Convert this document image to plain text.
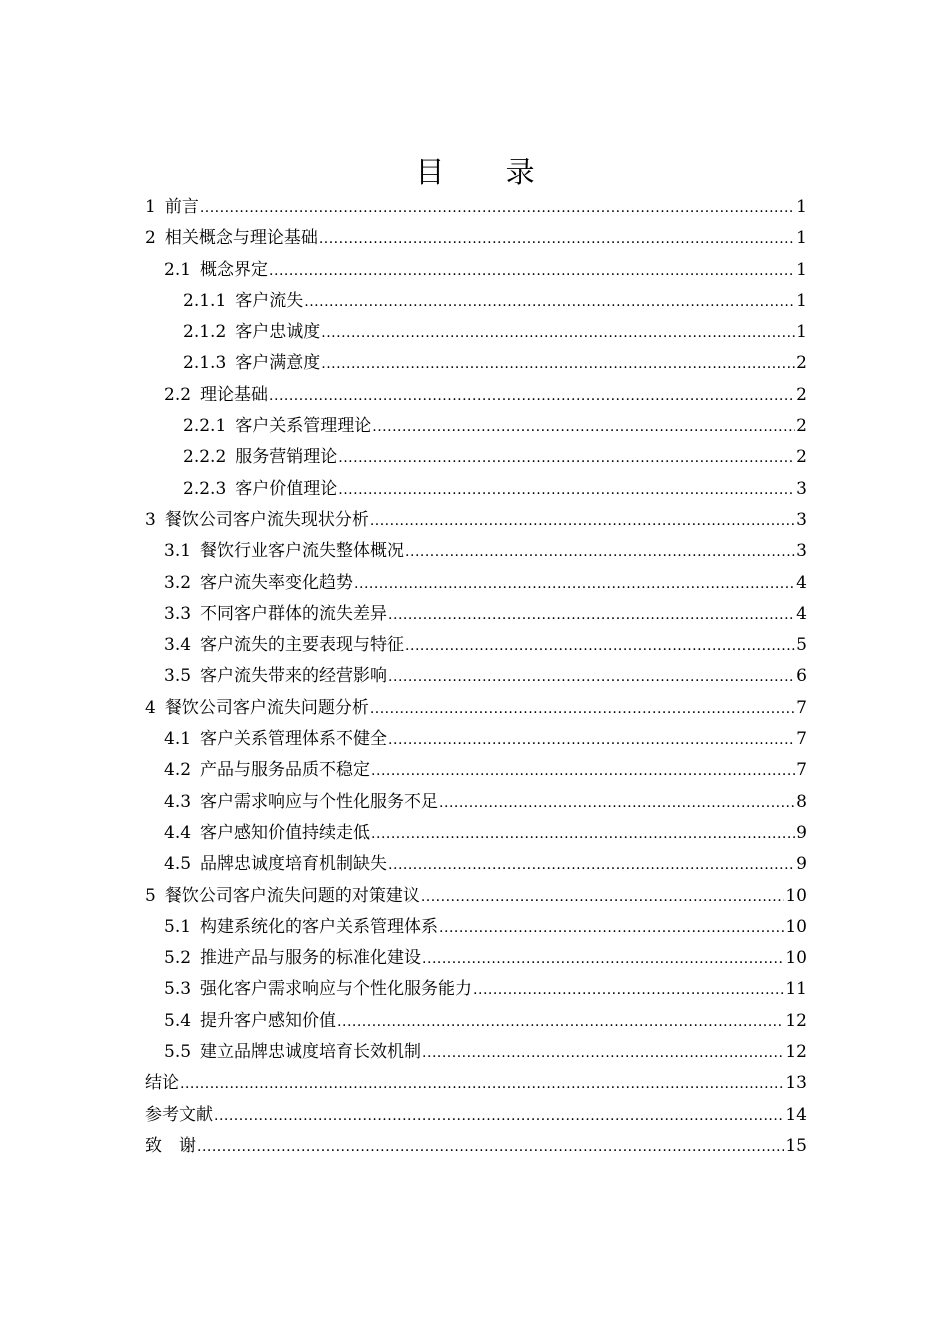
目 录
1 前言 .....	1
2 相关概念与理论基础 .....	1
2.1 概念界定 .....	1
2.1.1 客户流失 .....	1
2.1.2 客户忠诚度 .....	1
2.1.3 客户满意度 .....	2
2.2 理论基础 .....	2
2.2.1 客户关系管理理论 .....	2
2.2.2 服务营销理论 .....	2
2.2.3 客户价值理论 .....	3
3 餐饮公司客户流失现状分析 .....	3
3.1 餐饮行业客户流失整体概况 .....	3
3.2 客户流失率变化趋势 .....	4
3.3 不同客户群体的流失差异 .....	4
3.4 客户流失的主要表现与特征 .....	5
3.5 客户流失带来的经营影响 .....	6
4 餐饮公司客户流失问题分析 .....	7
4.1 客户关系管理体系不健全 .....	7
4.2 产品与服务品质不稳定 .....	7
4.3 客户需求响应与个性化服务不足 .....	8
4.4 客户感知价值持续走低 .....	9
4.5 品牌忠诚度培育机制缺失 .....	9
5 餐饮公司客户流失问题的对策建议 .....	10
5.1 构建系统化的客户关系管理体系 .....	10
5.2 推进产品与服务的标准化建设 .....	10
5.3 强化客户需求响应与个性化服务能力 .....	11
5.4 提升客户感知价值 .....	12
5.5 建立品牌忠诚度培育长效机制 .....	12
结论 .....	13
参考文献 .....	14
致　谢 .....	15
